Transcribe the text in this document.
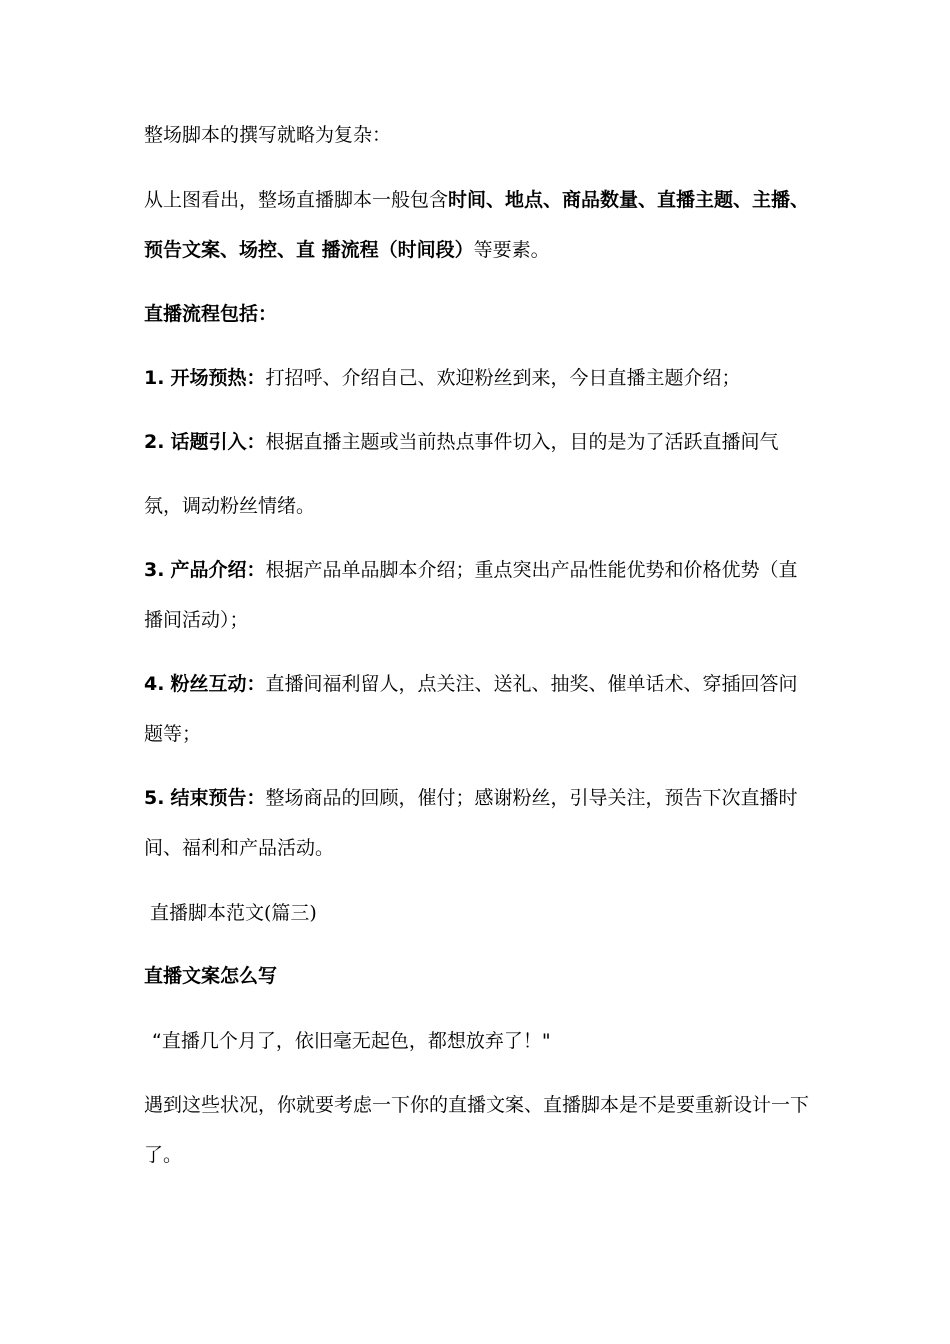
整场脚本的撰写就略为复杂：
从上图看出，整场直播脚本一般包含时间、地点、商品数量、直播主题、主播、
预告文案、场控、直 播流程（时间段）等要素。
直播流程包括：
1. 开场预热：打招呼、介绍自己、欢迎粉丝到来，今日直播主题介绍；
2. 话题引入：根据直播主题或当前热点事件切入，目的是为了活跃直播间气
氛，调动粉丝情绪。
3. 产品介绍：根据产品单品脚本介绍；重点突出产品性能优势和价格优势（直
播间活动）；
4. 粉丝互动：直播间福利留人，点关注、送礼、抽奖、催单话术、穿插回答问
题等；
5. 结束预告：整场商品的回顾，催付；感谢粉丝，引导关注，预告下次直播时
间、福利和产品活动。
直播脚本范文(篇三)
直播文案怎么写
“直播几个月了，依旧毫无起色，都想放弃了！"
遇到这些状况，你就要考虑一下你的直播文案、直播脚本是不是要重新设计一下
了。
